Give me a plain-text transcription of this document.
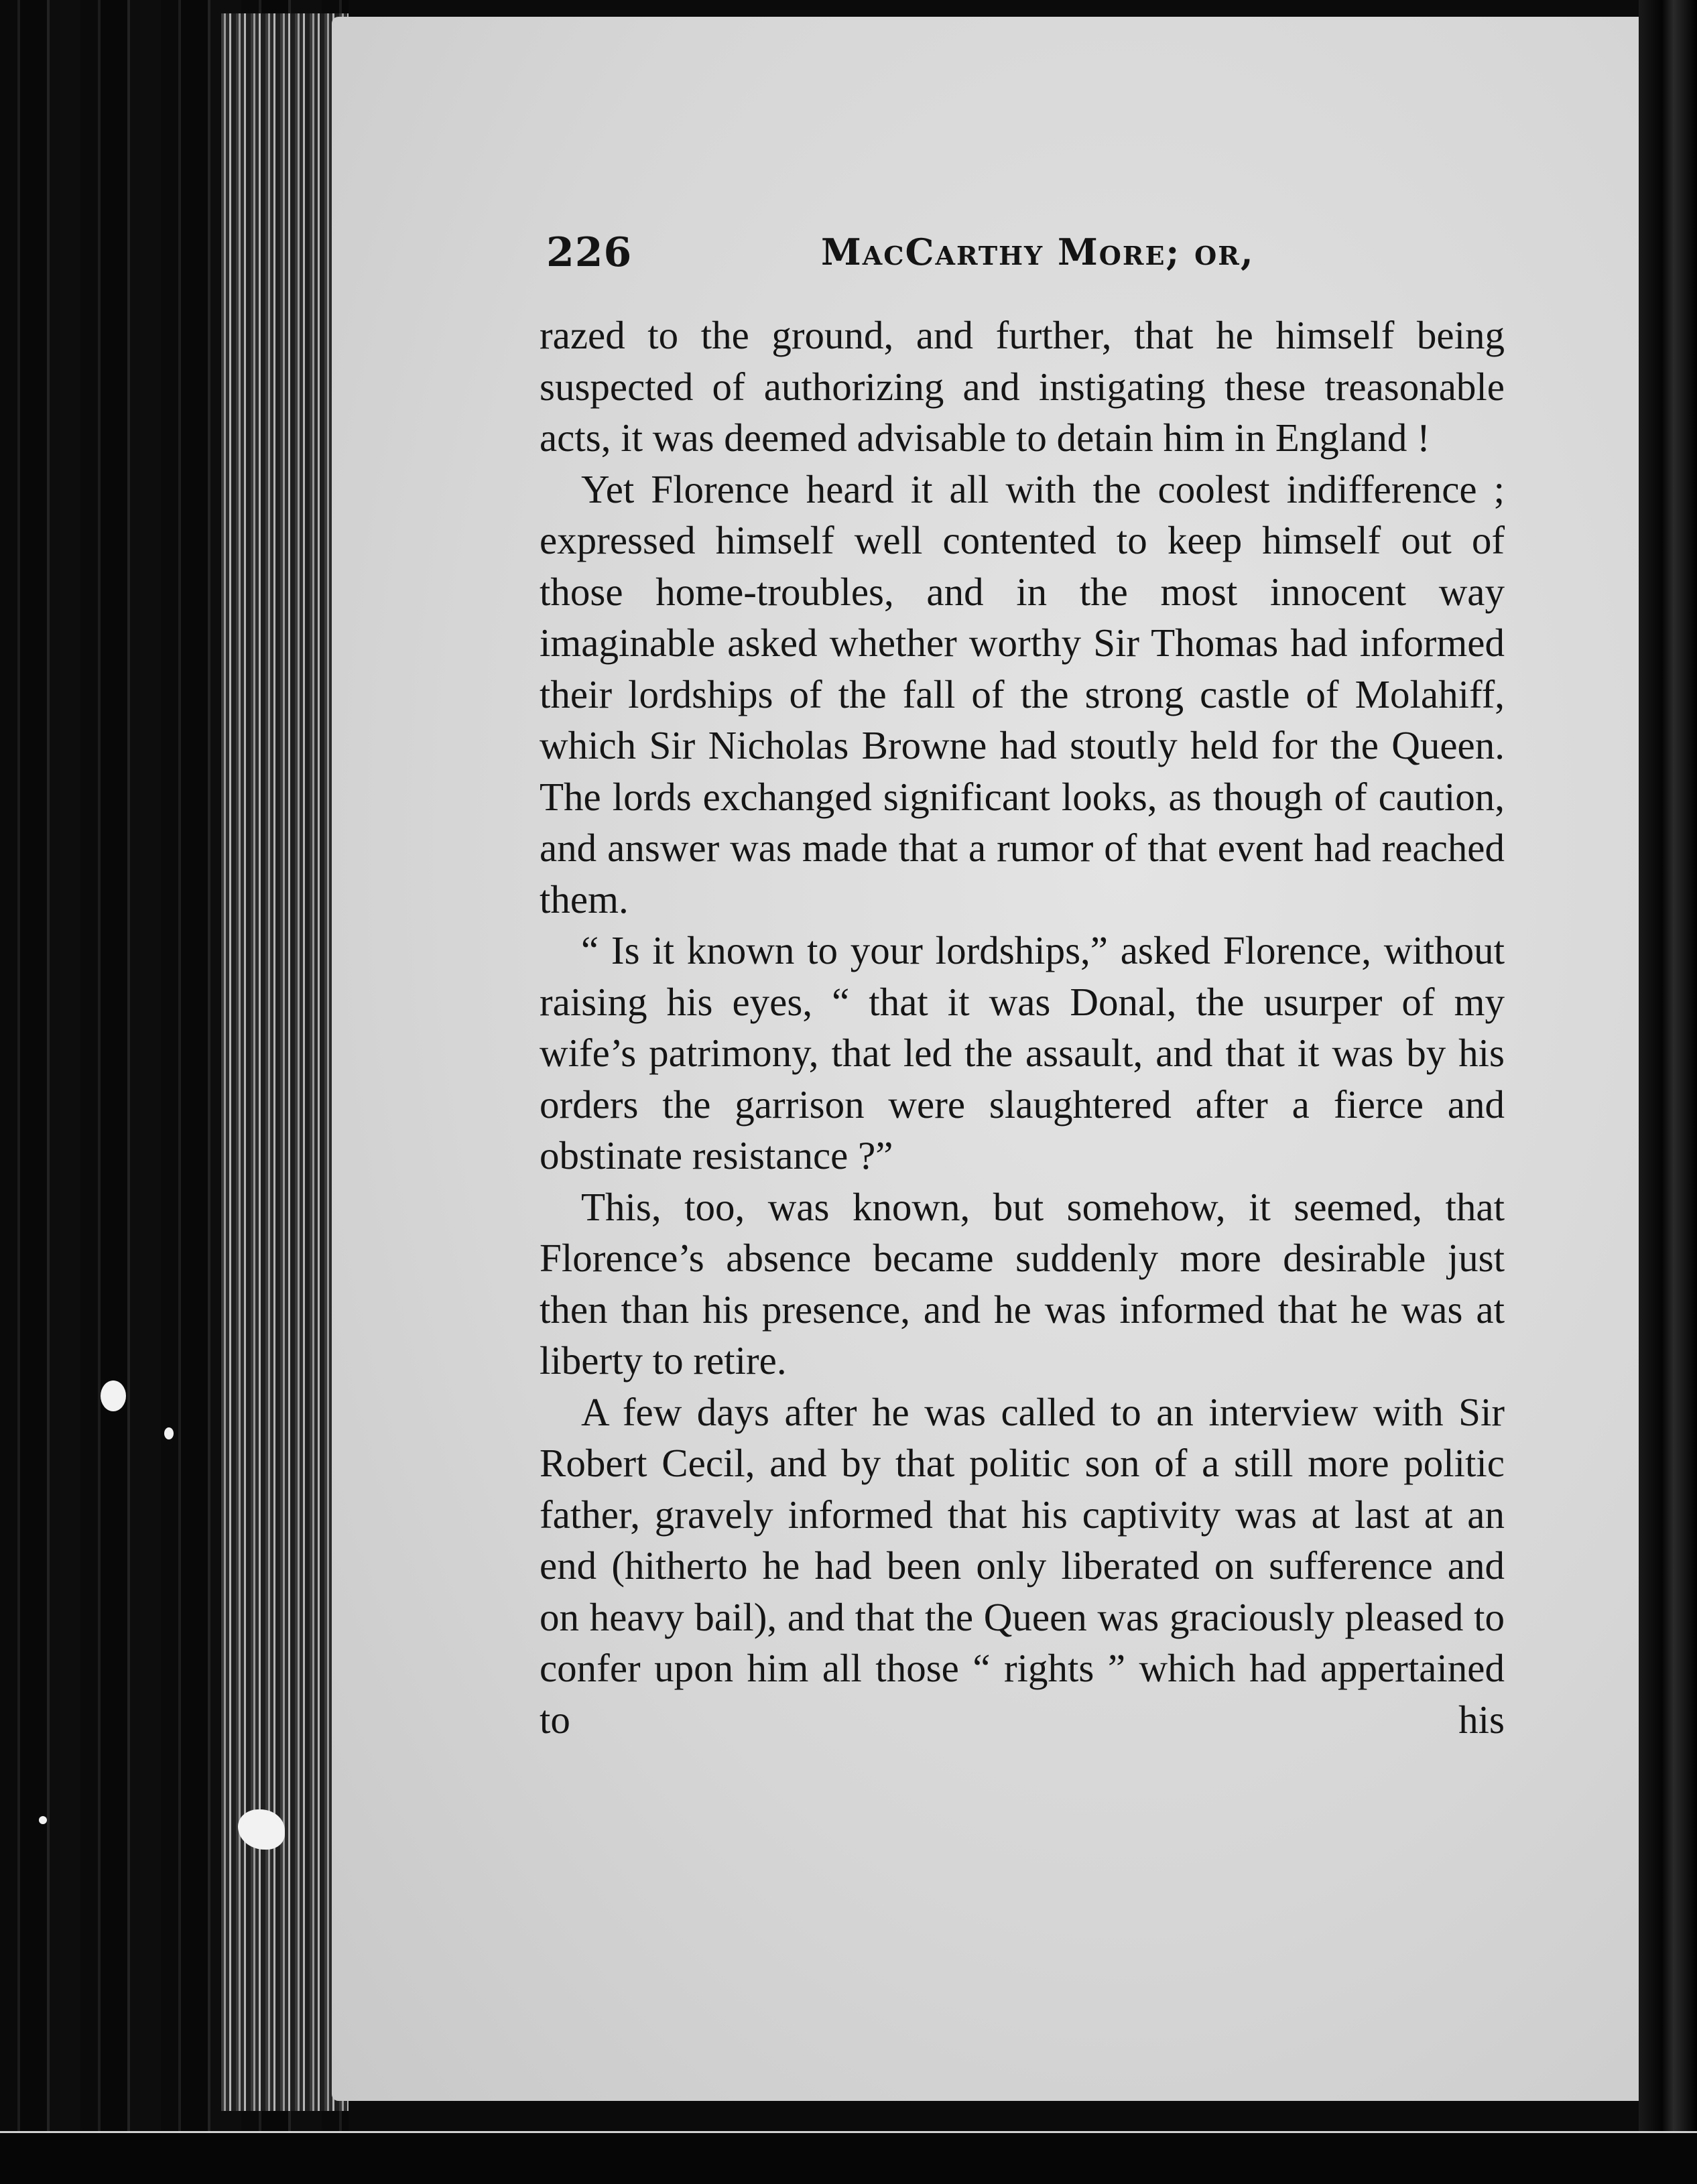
226	MacCarthy More; or,

razed to the ground, and further, that he himself being suspected of authorizing and instigating these treasonable acts, it was deemed advisable to detain him in England !

Yet Florence heard it all with the coolest indifference ; expressed himself well contented to keep himself out of those home-troubles, and in the most innocent way imaginable asked whether worthy Sir Thomas had informed their lordships of the fall of the strong castle of Molahiff, which Sir Nicholas Browne had stoutly held for the Queen. The lords exchanged significant looks, as though of caution, and answer was made that a rumor of that event had reached them.

“ Is it known to your lordships,” asked Florence, without raising his eyes, “ that it was Donal, the usurper of my wife’s patrimony, that led the assault, and that it was by his orders the garrison were slaughtered after a fierce and obstinate resistance ?”

This, too, was known, but somehow, it seemed, that Florence’s absence became suddenly more desirable just then than his presence, and he was informed that he was at liberty to retire.

A few days after he was called to an interview with Sir Robert Cecil, and by that politic son of a still more politic father, gravely informed that his captivity was at last at an end (hitherto he had been only liberated on sufference and on heavy bail), and that the Queen was graciously pleased to confer upon him all those “ rights ” which had appertained to his
